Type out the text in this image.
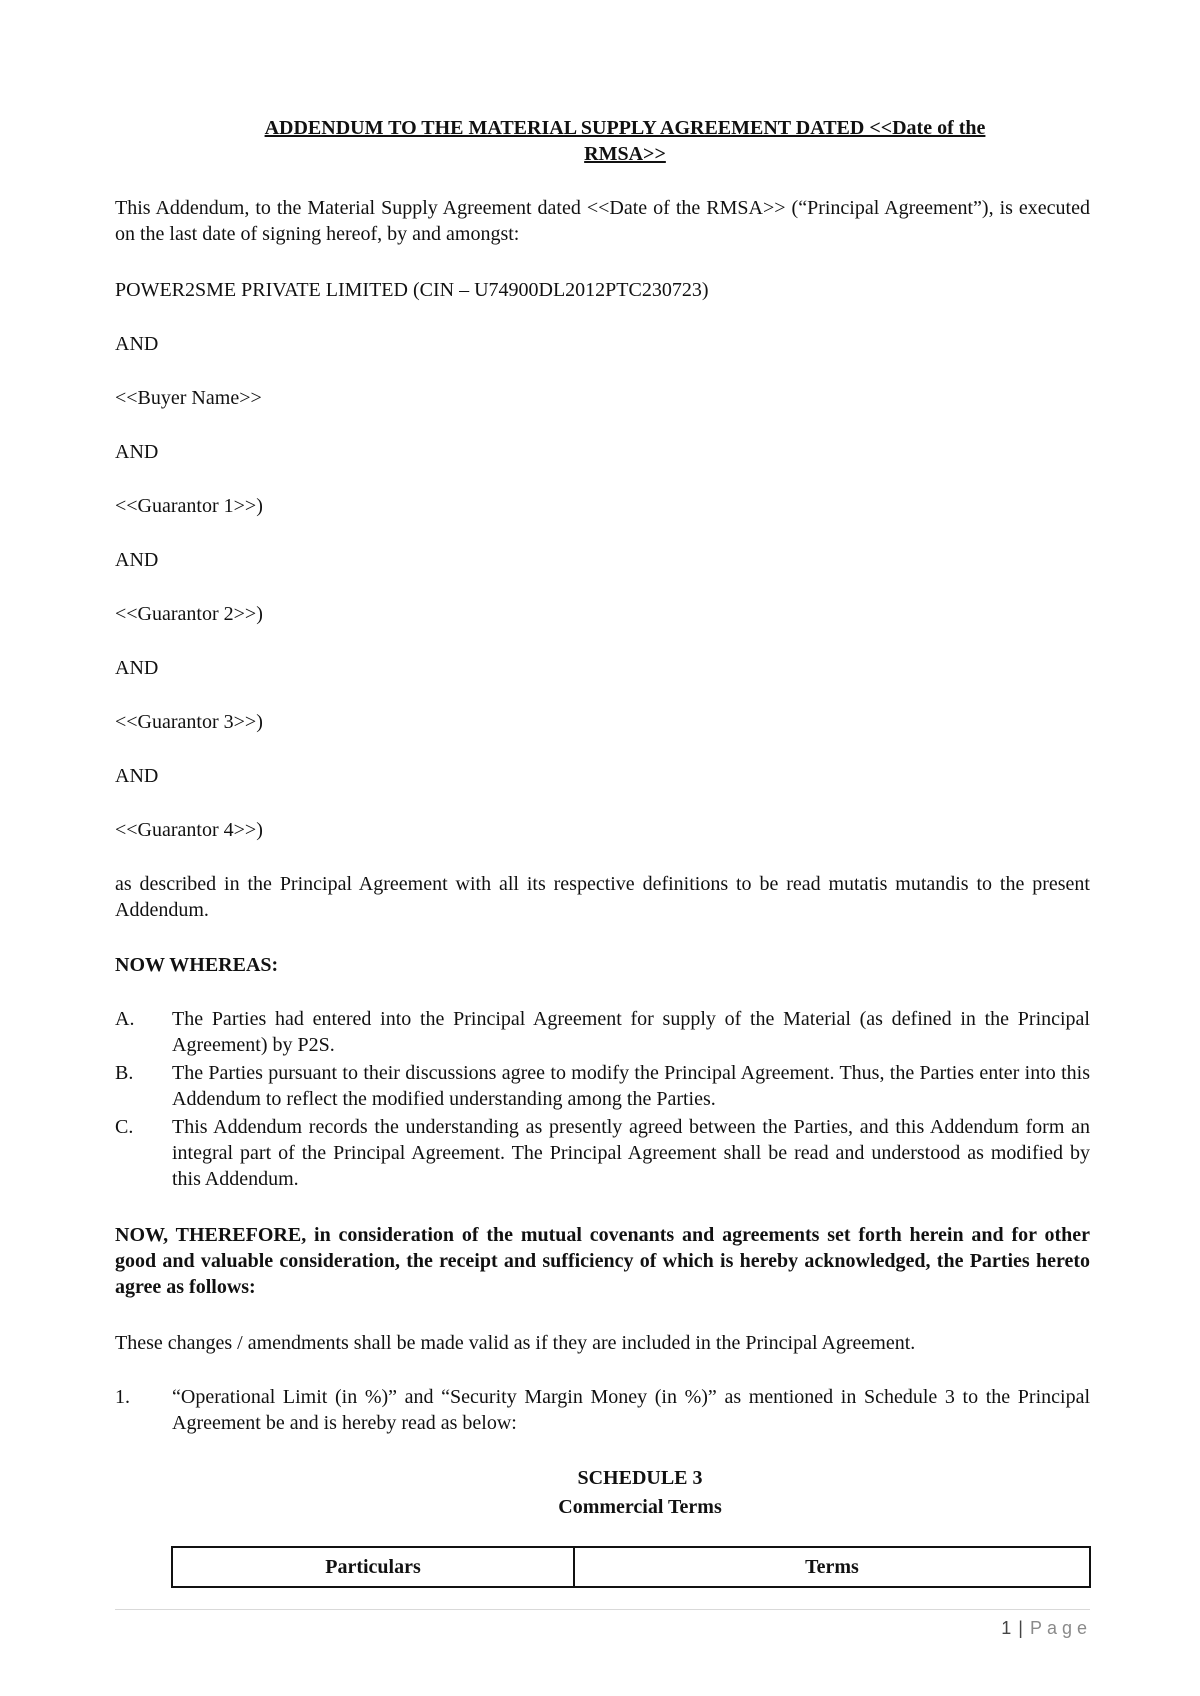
ADDENDUM TO THE MATERIAL SUPPLY AGREEMENT DATED <<Date of the
RMSA>>

This Addendum, to the Material Supply Agreement dated <<Date of the RMSA>> (“Principal Agreement”), is executed on the last date of signing hereof, by and amongst:

POWER2SME PRIVATE LIMITED (CIN – U74900DL2012PTC230723)

AND

<<Buyer Name>>

AND

<<Guarantor 1>>)

AND

<<Guarantor 2>>)

AND

<<Guarantor 3>>)

AND

<<Guarantor 4>>)

as described in the Principal Agreement with all its respective definitions to be read mutatis mutandis to the present Addendum.

NOW WHEREAS:

A. The Parties had entered into the Principal Agreement for supply of the Material (as defined in the Principal Agreement) by P2S.
B. The Parties pursuant to their discussions agree to modify the Principal Agreement. Thus, the Parties enter into this Addendum to reflect the modified understanding among the Parties.
C. This Addendum records the understanding as presently agreed between the Parties, and this Addendum form an integral part of the Principal Agreement. The Principal Agreement shall be read and understood as modified by this Addendum.

NOW, THEREFORE, in consideration of the mutual covenants and agreements set forth herein and for other good and valuable consideration, the receipt and sufficiency of which is hereby acknowledged, the Parties hereto agree as follows:

These changes / amendments shall be made valid as if they are included in the Principal Agreement.

1. “Operational Limit (in %)” and “Security Margin Money (in %)” as mentioned in Schedule 3 to the Principal Agreement be and is hereby read as below:
SCHEDULE 3
Commercial Terms
Particulars	Terms
1 | Page
